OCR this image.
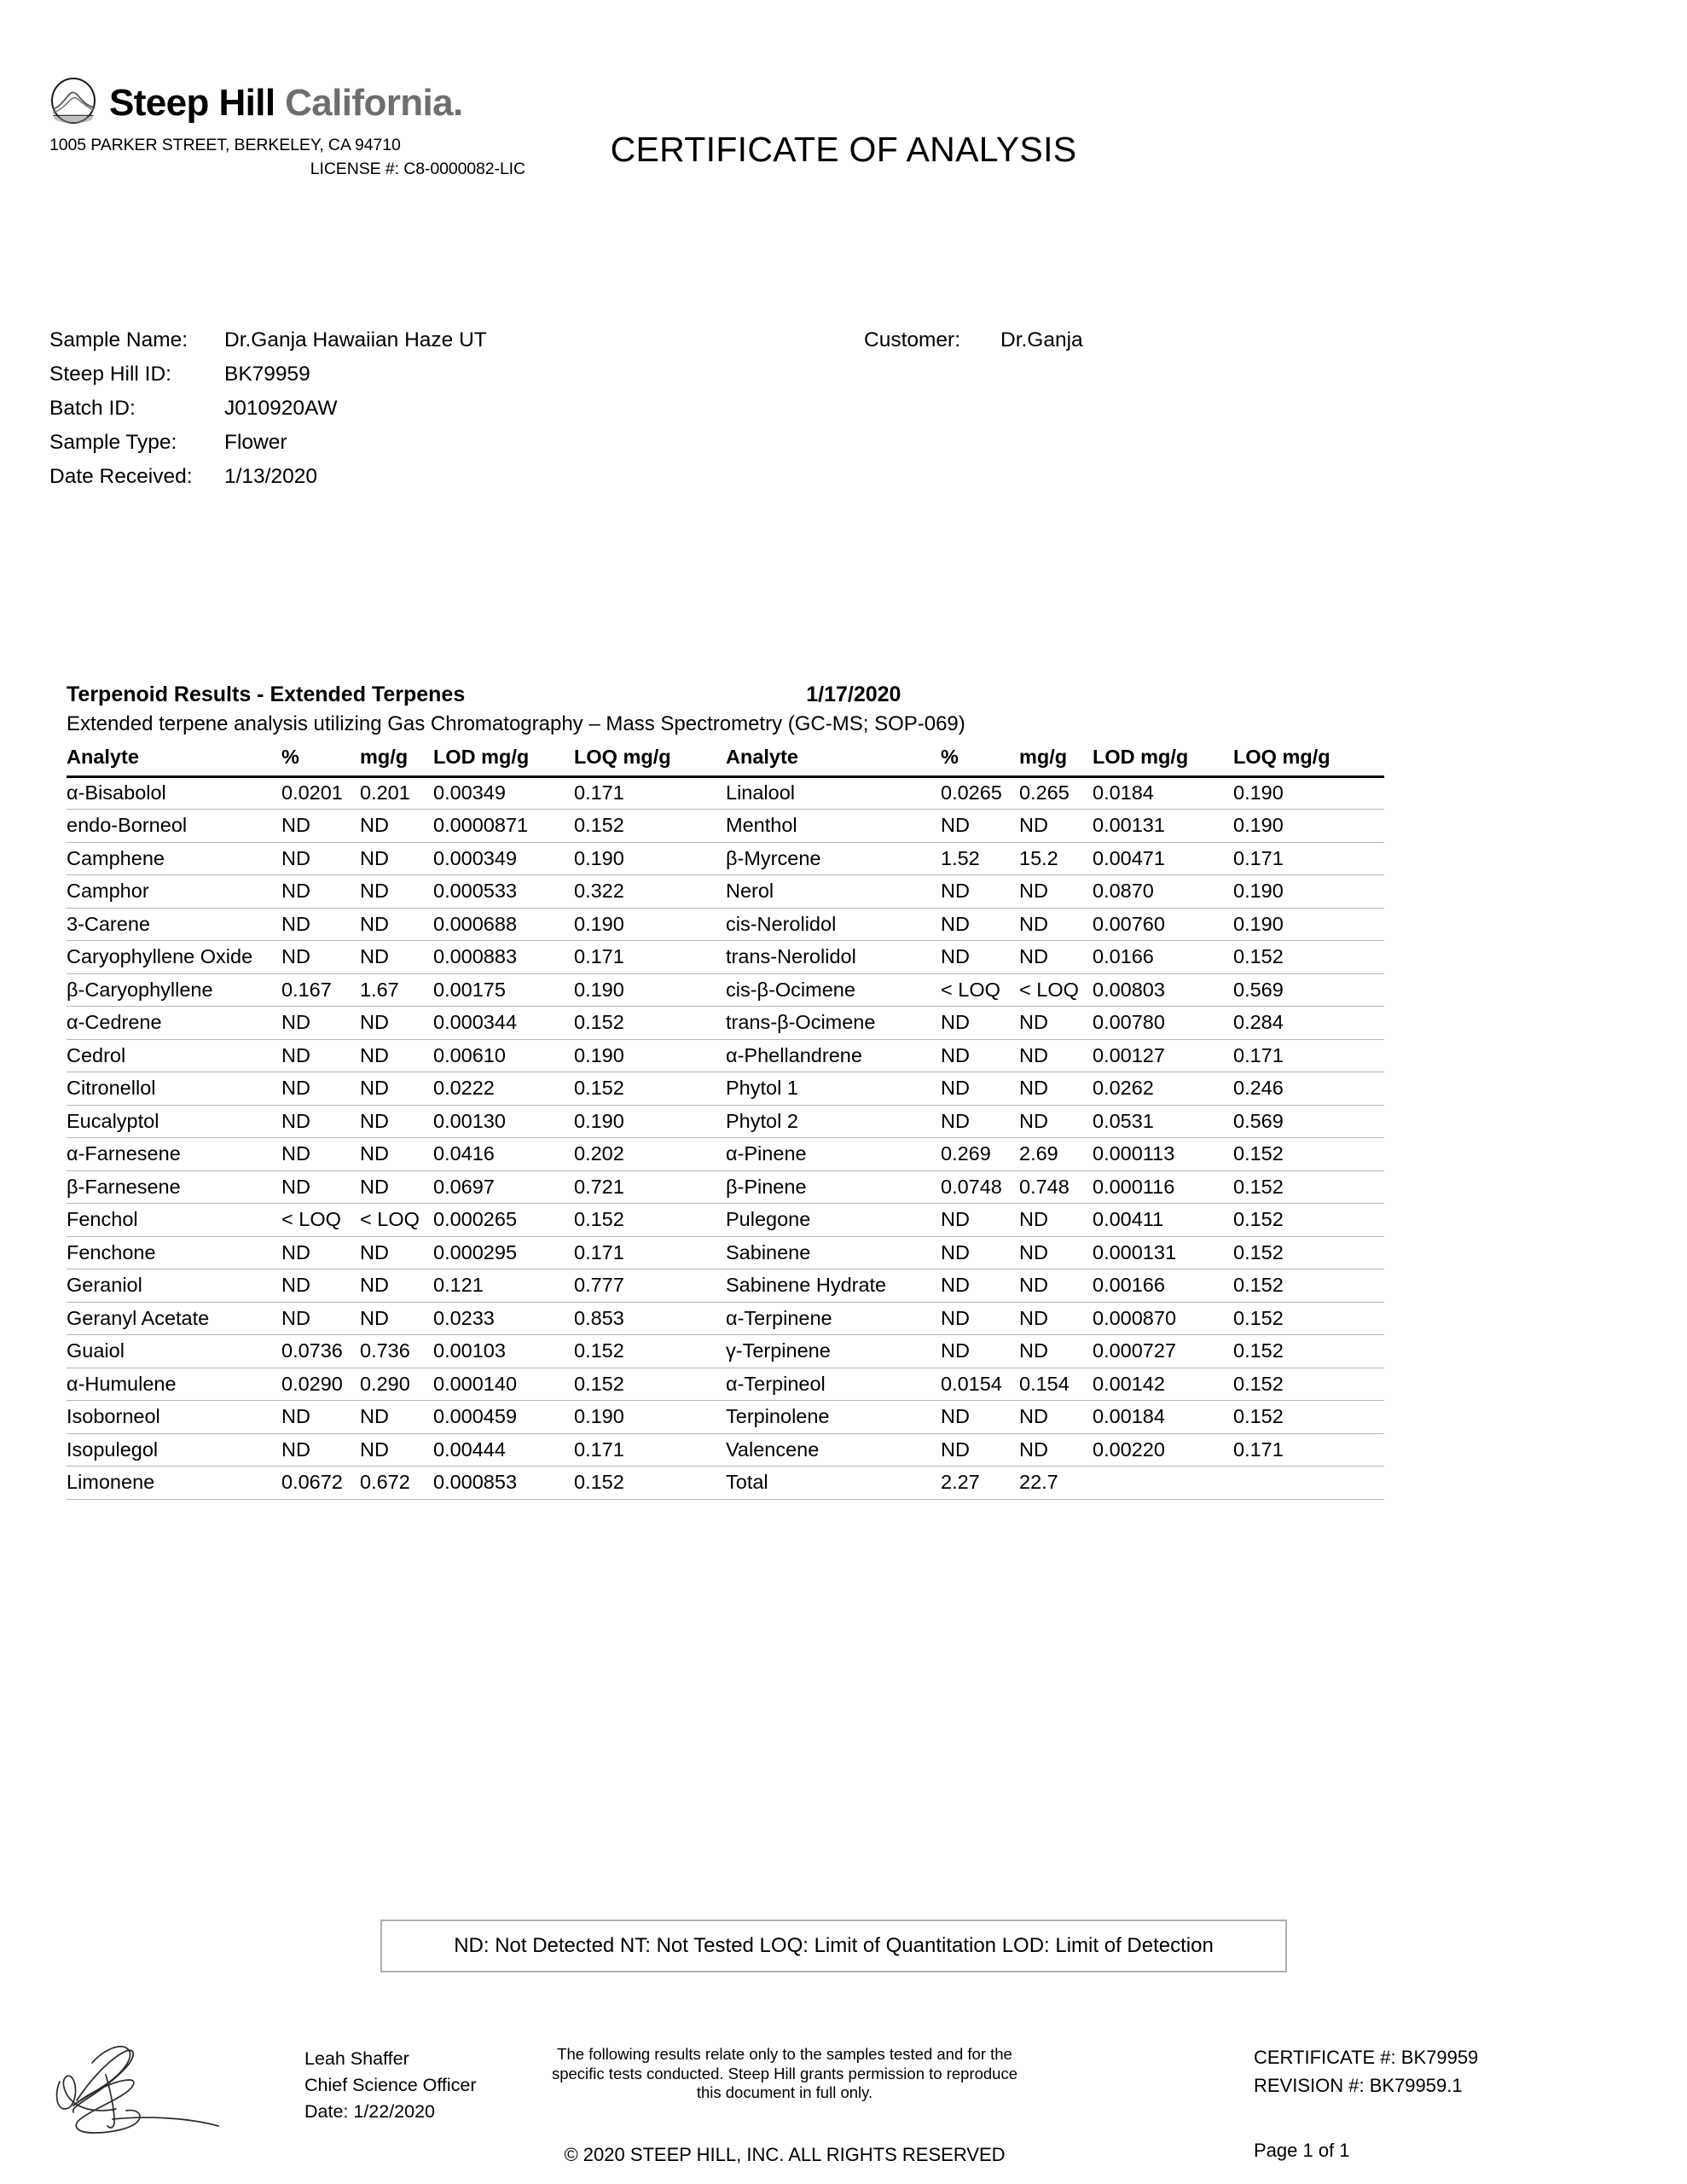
Steep Hill California.
1005 PARKER STREET, BERKELEY, CA 94710
LICENSE #: C8-0000082-LIC	CERTIFICATE OF ANALYSIS
Sample Name:	Dr.Ganja Hawaiian Haze UT
Steep Hill ID:	BK79959
Batch ID:	J010920AW
Sample Type:	Flower
Date Received:	1/13/2020
Customer: Dr.Ganja
Terpenoid Results - Extended Terpenes	1/17/2020
Extended terpene analysis utilizing Gas Chromatography – Mass Spectrometry (GC-MS; SOP-069)
Analyte	%	mg/g	LOD mg/g	LOQ mg/g	Analyte	%	mg/g	LOD mg/g	LOQ mg/g
α-Bisabolol	0.0201	0.201	0.00349	0.171	Linalool	0.0265	0.265	0.0184	0.190
endo-Borneol	ND	ND	0.0000871	0.152	Menthol	ND	ND	0.00131	0.190
Camphene	ND	ND	0.000349	0.190	β-Myrcene	1.52	15.2	0.00471	0.171
Camphor	ND	ND	0.000533	0.322	Nerol	ND	ND	0.0870	0.190
3-Carene	ND	ND	0.000688	0.190	cis-Nerolidol	ND	ND	0.00760	0.190
Caryophyllene Oxide	ND	ND	0.000883	0.171	trans-Nerolidol	ND	ND	0.0166	0.152
β-Caryophyllene	0.167	1.67	0.00175	0.190	cis-β-Ocimene	< LOQ	< LOQ	0.00803	0.569
α-Cedrene	ND	ND	0.000344	0.152	trans-β-Ocimene	ND	ND	0.00780	0.284
Cedrol	ND	ND	0.00610	0.190	α-Phellandrene	ND	ND	0.00127	0.171
Citronellol	ND	ND	0.0222	0.152	Phytol 1	ND	ND	0.0262	0.246
Eucalyptol	ND	ND	0.00130	0.190	Phytol 2	ND	ND	0.0531	0.569
α-Farnesene	ND	ND	0.0416	0.202	α-Pinene	0.269	2.69	0.000113	0.152
β-Farnesene	ND	ND	0.0697	0.721	β-Pinene	0.0748	0.748	0.000116	0.152
Fenchol	< LOQ	< LOQ	0.000265	0.152	Pulegone	ND	ND	0.00411	0.152
Fenchone	ND	ND	0.000295	0.171	Sabinene	ND	ND	0.000131	0.152
Geraniol	ND	ND	0.121	0.777	Sabinene Hydrate	ND	ND	0.00166	0.152
Geranyl Acetate	ND	ND	0.0233	0.853	α-Terpinene	ND	ND	0.000870	0.152
Guaiol	0.0736	0.736	0.00103	0.152	γ-Terpinene	ND	ND	0.000727	0.152
α-Humulene	0.0290	0.290	0.000140	0.152	α-Terpineol	0.0154	0.154	0.00142	0.152
Isoborneol	ND	ND	0.000459	0.190	Terpinolene	ND	ND	0.00184	0.152
Isopulegol	ND	ND	0.00444	0.171	Valencene	ND	ND	0.00220	0.171
Limonene	0.0672	0.672	0.000853	0.152	Total	2.27	22.7		
ND: Not Detected NT: Not Tested LOQ: Limit of Quantitation LOD: Limit of Detection
Leah Shaffer
Chief Science Officer
Date: 1/22/2020
The following results relate only to the samples tested and for the specific tests conducted. Steep Hill grants permission to reproduce this document in full only.
© 2020 STEEP HILL, INC. ALL RIGHTS RESERVED
CERTIFICATE #: BK79959
REVISION #: BK79959.1
Page 1 of 1
